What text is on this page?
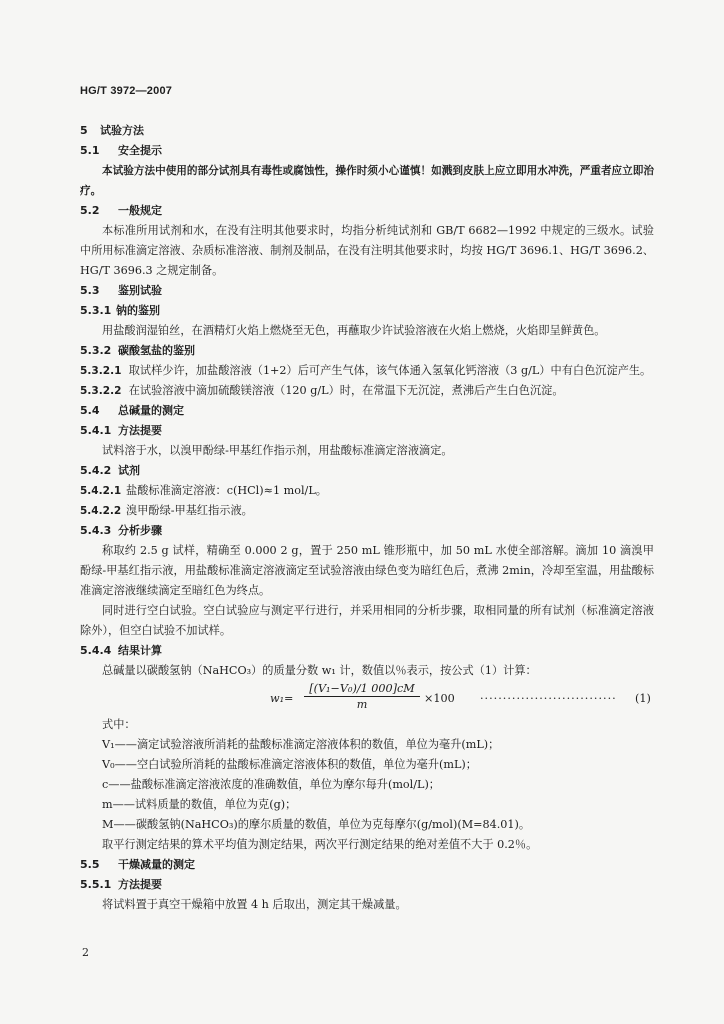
HG/T 3972—2007
5 试验方法
5.1 安全提示
本试验方法中使用的部分试剂具有毒性或腐蚀性，操作时须小心谨慎！如溅到皮肤上应立即用水冲洗，严重者应立即治疗。
5.2 一般规定
本标准所用试剂和水，在没有注明其他要求时，均指分析纯试剂和 GB/T 6682—1992 中规定的三级水。试验中所用标准滴定溶液、杂质标准溶液、制剂及制品，在没有注明其他要求时，均按 HG/T 3696.1、HG/T 3696.2、HG/T 3696.3 之规定制备。
5.3 鉴别试验
5.3.1 钠的鉴别
用盐酸润湿铂丝，在酒精灯火焰上燃烧至无色，再蘸取少许试验溶液在火焰上燃烧，火焰即呈鲜黄色。
5.3.2 碳酸氢盐的鉴别
5.3.2.1 取试样少许，加盐酸溶液（1+2）后可产生气体，该气体通入氢氧化钙溶液（3 g/L）中有白色沉淀产生。
5.3.2.2 在试验溶液中滴加硫酸镁溶液（120 g/L）时，在常温下无沉淀，煮沸后产生白色沉淀。
5.4 总碱量的测定
5.4.1 方法提要
试料溶于水，以溴甲酚绿-甲基红作指示剂，用盐酸标准滴定溶液滴定。
5.4.2 试剂
5.4.2.1 盐酸标准滴定溶液：c(HCl)≈1 mol/L。
5.4.2.2 溴甲酚绿-甲基红指示液。
5.4.3 分析步骤
称取约 2.5 g 试样，精确至 0.000 2 g，置于 250 mL 锥形瓶中，加 50 mL 水使全部溶解。滴加 10 滴溴甲酚绿-甲基红指示液，用盐酸标准滴定溶液滴定至试验溶液由绿色变为暗红色后，煮沸 2min，冷却至室温，用盐酸标准滴定溶液继续滴定至暗红色为终点。
同时进行空白试验。空白试验应与测定平行进行，并采用相同的分析步骤，取相同量的所有试剂（标准滴定溶液除外），但空白试验不加试样。
5.4.4 结果计算
总碱量以碳酸氢钠（NaHCO₃）的质量分数 w₁ 计，数值以％表示，按公式（1）计算：
w₁=
[(V₁−V₀)/1 000]cM
m	×100 ······························ (1)
式中：
V₁——滴定试验溶液所消耗的盐酸标准滴定溶液体积的数值，单位为毫升(mL)；
V₀——空白试验所消耗的盐酸标准滴定溶液体积的数值，单位为毫升(mL)；
c——盐酸标准滴定溶液浓度的准确数值，单位为摩尔每升(mol/L)；
m——试料质量的数值，单位为克(g)；
M——碳酸氢钠(NaHCO₃)的摩尔质量的数值，单位为克每摩尔(g/mol)(M=84.01)。
取平行测定结果的算术平均值为测定结果，两次平行测定结果的绝对差值不大于 0.2％。
5.5 干燥减量的测定
5.5.1 方法提要
将试料置于真空干燥箱中放置 4 h 后取出，测定其干燥减量。
2
